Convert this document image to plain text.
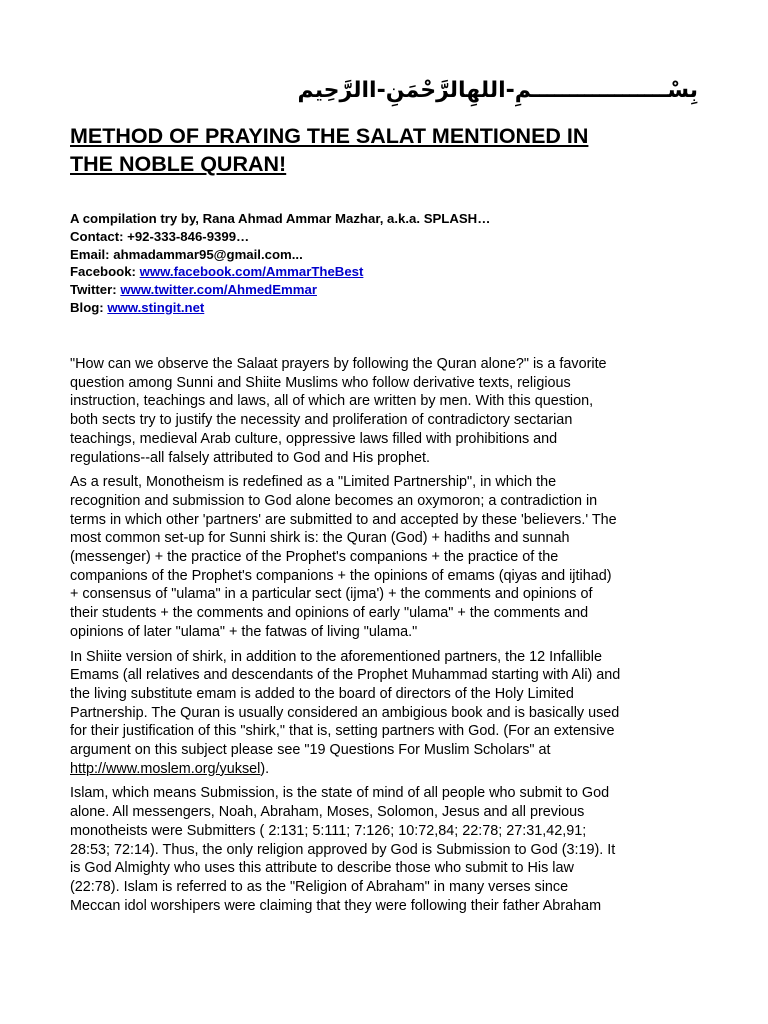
بِسْــــــــــــــــــمِ-اللهِالرَّحْمَنِ-االرَّحِيم
METHOD OF PRAYING THE SALAT MENTIONED IN
THE NOBLE QURAN!
A compilation try by, Rana Ahmad Ammar Mazhar, a.k.a. SPLASH…
Contact: +92-333-846-9399…
Email: ahmadammar95@gmail.com...
Facebook: www.facebook.com/AmmarTheBest
Twitter: www.twitter.com/AhmedEmmar
Blog: www.stingit.net

"How can we observe the Salaat prayers by following the Quran alone?" is a favorite
question among Sunni and Shiite Muslims who follow derivative texts, religious
instruction, teachings and laws, all of which are written by men. With this question,
both sects try to justify the necessity and proliferation of contradictory sectarian
teachings, medieval Arab culture, oppressive laws filled with prohibitions and
regulations--all falsely attributed to God and His prophet.

As a result, Monotheism is redefined as a "Limited Partnership", in which the
recognition and submission to God alone becomes an oxymoron; a contradiction in
terms in which other 'partners' are submitted to and accepted by these 'believers.' The
most common set-up for Sunni shirk is: the Quran (God) + hadiths and sunnah
(messenger) + the practice of the Prophet's companions + the practice of the
companions of the Prophet's companions + the opinions of emams (qiyas and ijtihad)
+ consensus of "ulama" in a particular sect (ijma') + the comments and opinions of
their students + the comments and opinions of early "ulama" + the comments and
opinions of later "ulama" + the fatwas of living "ulama."

In Shiite version of shirk, in addition to the aforementioned partners, the 12 Infallible
Emams (all relatives and descendants of the Prophet Muhammad starting with Ali) and
the living substitute emam is added to the board of directors of the Holy Limited
Partnership. The Quran is usually considered an ambigious book and is basically used
for their justification of this "shirk," that is, setting partners with God. (For an extensive
argument on this subject please see "19 Questions For Muslim Scholars" at
http://www.moslem.org/yuksel).

Islam, which means Submission, is the state of mind of all people who submit to God
alone. All messengers, Noah, Abraham, Moses, Solomon, Jesus and all previous
monotheists were Submitters ( 2:131; 5:111; 7:126; 10:72,84; 22:78; 27:31,42,91;
28:53; 72:14). Thus, the only religion approved by God is Submission to God (3:19). It
is God Almighty who uses this attribute to describe those who submit to His law
(22:78). Islam is referred to as the "Religion of Abraham" in many verses since
Meccan idol worshipers were claiming that they were following their father Abraham
